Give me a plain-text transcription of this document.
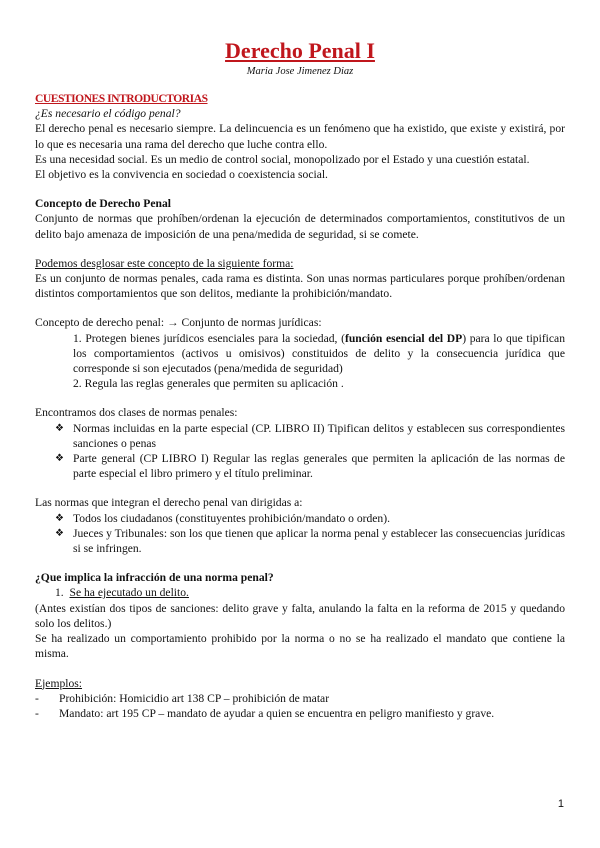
Derecho Penal I
Maria Jose Jimenez Diaz
CUESTIONES INTRODUCTORIAS

¿Es necesario el código penal?

El derecho penal es necesario siempre. La delincuencia es un fenómeno que ha existido, que existe y existirá, por lo que es necesaria una rama del derecho que luche contra ello.

Es una necesidad social. Es un medio de control social, monopolizado por el Estado y una cuestión estatal.

El objetivo es la convivencia en sociedad o coexistencia social.

Concepto de Derecho Penal

Conjunto de normas que prohíben/ordenan la ejecución de determinados comportamientos, constitutivos de un delito bajo amenaza de imposición de una pena/medida de seguridad, si se comete.

Podemos desglosar este concepto de la siguiente forma:

Es un conjunto de normas penales, cada rama es distinta. Son unas normas particulares porque prohíben/ordenan distintos comportamientos que son delitos, mediante la prohibición/mandato.

Concepto de derecho penal: → Conjunto de normas jurídicas:

1. Protegen bienes jurídicos esenciales para la sociedad, (función esencial del DP) para lo que tipifican los comportamientos (activos u omisivos) constituidos de delito y la consecuencia jurídica que corresponde si son ejecutados (pena/medida de seguridad)
2. Regula las reglas generales que permiten su aplicación .

Encontramos dos clases de normas penales:

❖ Normas incluidas en la parte especial (CP. LIBRO II) Tipifican delitos y establecen sus correspondientes sanciones o penas
❖ Parte general (CP LIBRO I) Regular las reglas generales que permiten la aplicación de las normas de parte especial el libro primero y el título preliminar.

Las normas que integran el derecho penal van dirigidas a:

❖ Todos los ciudadanos (constituyentes prohibición/mandato o orden).
❖ Jueces y Tribunales: son los que tienen que aplicar la norma penal y establecer las consecuencias jurídicas si se infringen.

¿Que implica la infracción de una norma penal?

1. Se ha ejecutado un delito.

(Antes existían dos tipos de sanciones: delito grave y falta, anulando la falta en la reforma de 2015 y quedando solo los delitos.)

Se ha realizado un comportamiento prohibido por la norma o no se ha realizado el mandato que contiene la misma.

Ejemplos:

- Prohibición: Homicidio art 138 CP – prohibición de matar
- Mandato: art 195 CP – mandato de ayudar a quien se encuentra en peligro manifiesto y grave.
1
